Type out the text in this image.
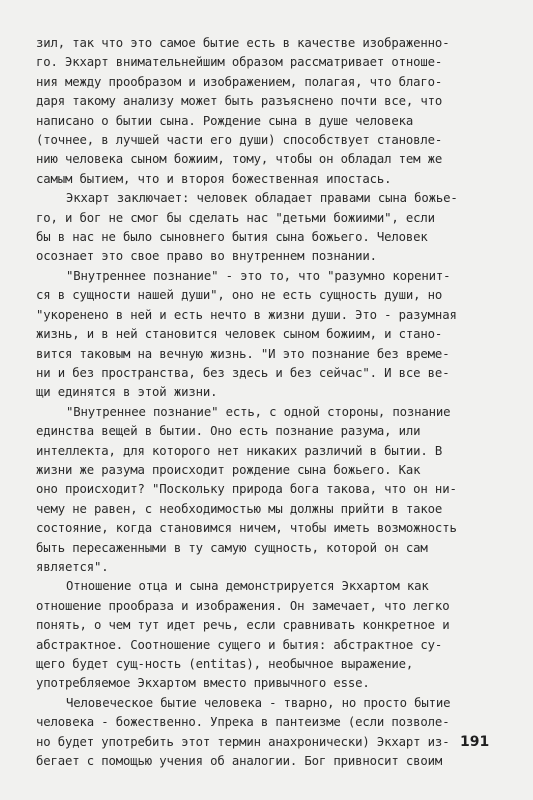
зил, так что это самое бытие есть в качестве изображенно-
го. Экхарт внимательнейшим образом рассматривает отноше-
ния между прообразом и изображением, полагая, что благо-
даря такому анализу может быть разъяснено почти все, что
написано о бытии сына. Рождение сына в душе человека
(точнее, в лучшей части его души) способствует становле-
нию человека сыном божиим, тому, чтобы он обладал тем же
самым бытием, что и второя божественная ипостась.
Экхарт заключает: человек обладает правами сына божье-
го, и бог не смог бы сделать нас "детьми божиими", если
бы в нас не было сыновнего бытия сына божьего. Человек
осознает это свое право во внутреннем познании.
"Внутреннее познание" - это то, что "разумно коренит-
ся в сущности нашей души", оно не есть сущность души, но
"укоренено в ней и есть нечто в жизни души. Это - разумная
жизнь, и в ней становится человек сыном божиим, и стано-
вится таковым на вечную жизнь. "И это познание без време-
ни и без пространства, без здесь и без сейчас". И все ве-
щи единятся в этой жизни.
"Внутреннее познание" есть, с одной стороны, познание
единства вещей в бытии. Оно есть познание разума, или
интеллекта, для которого нет никаких различий в бытии. В
жизни же разума происходит рождение сына божьего. Как
оно происходит? "Поскольку природа бога такова, что он ни-
чему не равен, с необходимостью мы должны прийти в такое
состояние, когда становимся ничем, чтобы иметь возможность
быть пересаженными в ту самую сущность, которой он сам
является".
Отношение отца и сына демонстрируется Экхартом как
отношение прообраза и изображения. Он замечает, что легко
понять, о чем тут идет речь, если сравнивать конкретное и
абстрактное. Соотношение сущего и бытия: абстрактное су-
щего будет сущ-ность (entitas), необычное выражение,
употребляемое Экхартом вместо привычного esse.
Человеческое бытие человека - тварно, но просто бытие
человека - божественно. Упрека в пантеизме (если позволе-
но будет употребить этот термин анахронически) Экхарт из-
бегает с помощью учения об аналогии. Бог привносит своим
191
